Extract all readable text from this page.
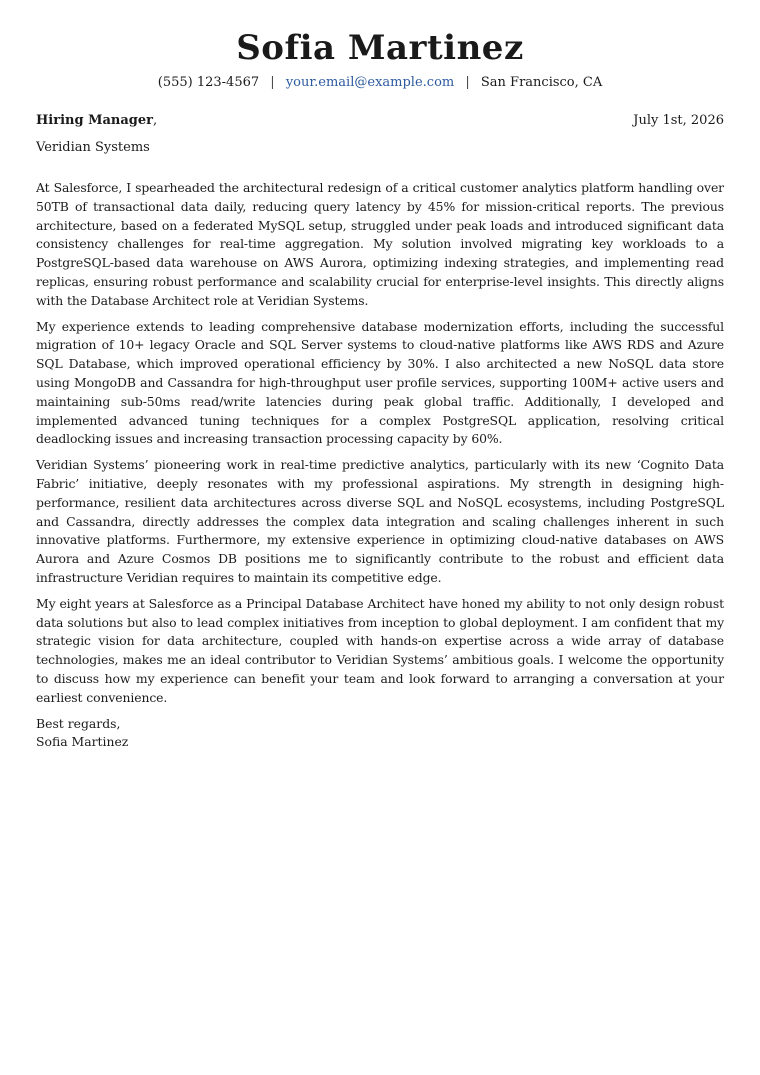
Sofia Martinez
(555) 123-4567 | your.email@example.com | San Francisco, CA
Hiring Manager,	July 1st, 2026
Veridian Systems

At Salesforce, I spearheaded the architectural redesign of a critical customer analytics platform handling over 50TB of transactional data daily, reducing query latency by 45% for mission-critical reports. The previous architecture, based on a federated MySQL setup, struggled under peak loads and introduced significant data consistency challenges for real-time aggregation. My solution involved migrating key workloads to a PostgreSQL-based data warehouse on AWS Aurora, optimizing indexing strategies, and implementing read replicas, ensuring robust performance and scalability crucial for enterprise-level insights. This directly aligns with the Database Architect role at Veridian Systems.

My experience extends to leading comprehensive database modernization efforts, including the successful migration of 10+ legacy Oracle and SQL Server systems to cloud-native platforms like AWS RDS and Azure SQL Database, which improved operational efficiency by 30%. I also architected a new NoSQL data store using MongoDB and Cassandra for high-throughput user profile services, supporting 100M+ active users and maintaining sub-50ms read/write latencies during peak global traffic. Additionally, I developed and implemented advanced tuning techniques for a complex PostgreSQL application, resolving critical deadlocking issues and increasing transaction processing capacity by 60%.

Veridian Systems’ pioneering work in real-time predictive analytics, particularly with its new ‘Cognito Data Fabric’ initiative, deeply resonates with my professional aspirations. My strength in designing high-performance, resilient data architectures across diverse SQL and NoSQL ecosystems, including PostgreSQL and Cassandra, directly addresses the complex data integration and scaling challenges inherent in such innovative platforms. Furthermore, my extensive experience in optimizing cloud-native databases on AWS Aurora and Azure Cosmos DB positions me to significantly contribute to the robust and efficient data infrastructure Veridian requires to maintain its competitive edge.

My eight years at Salesforce as a Principal Database Architect have honed my ability to not only design robust data solutions but also to lead complex initiatives from inception to global deployment. I am confident that my strategic vision for data architecture, coupled with hands-on expertise across a wide array of database technologies, makes me an ideal contributor to Veridian Systems’ ambitious goals. I welcome the opportunity to discuss how my experience can benefit your team and look forward to arranging a conversation at your earliest convenience.

Best regards,
Sofia Martinez
